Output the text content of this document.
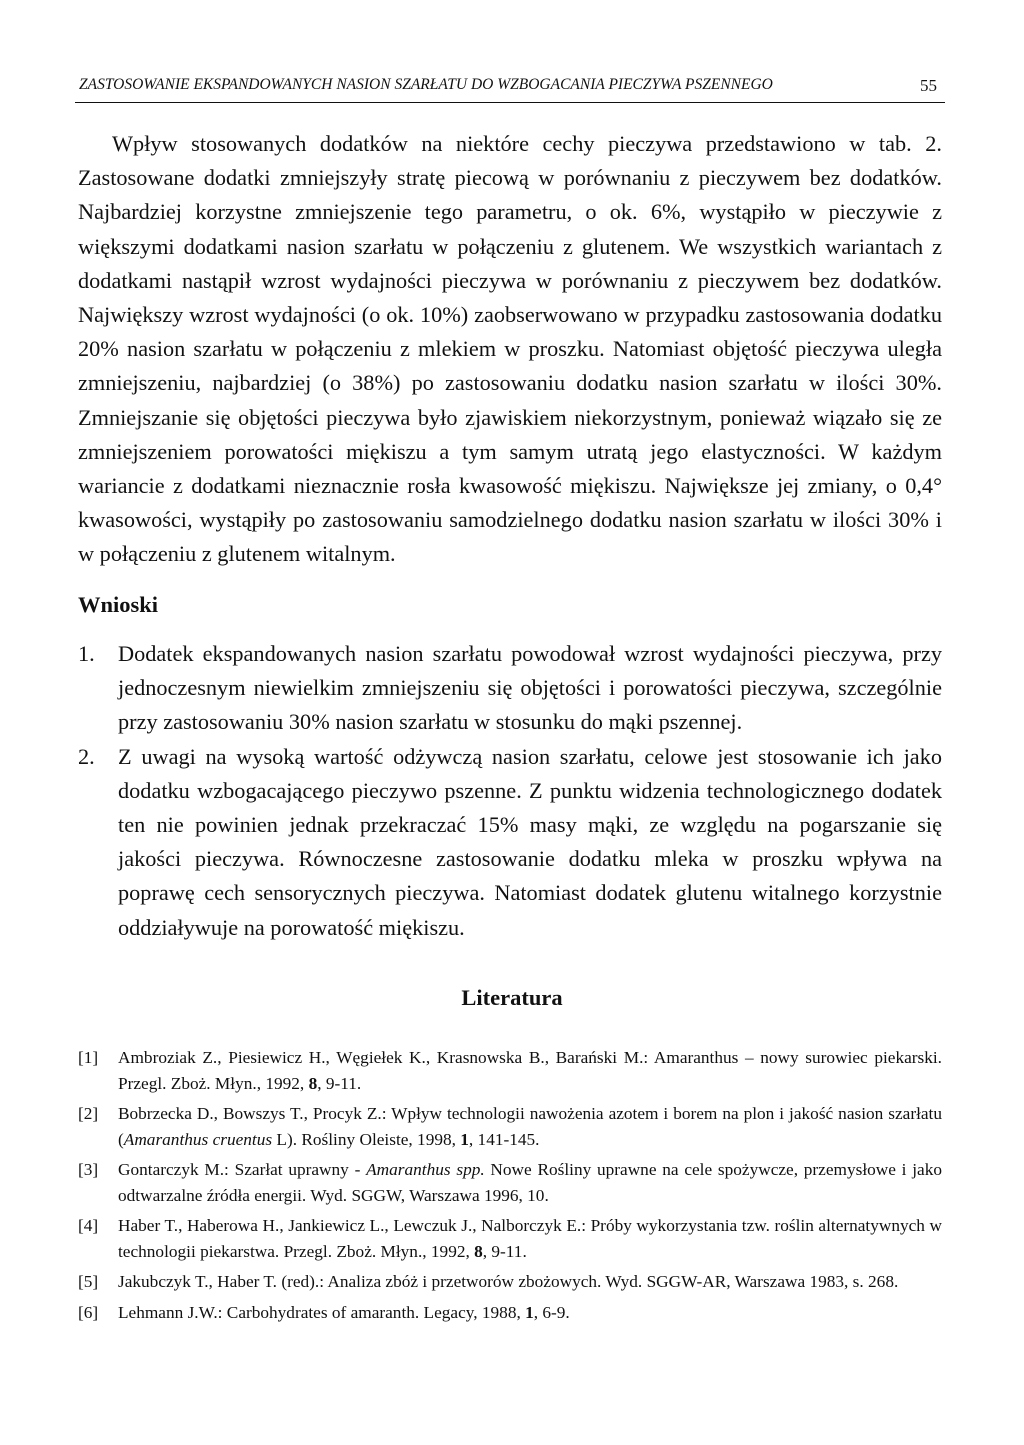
ZASTOSOWANIE EKSPANDOWANYCH NASION SZARŁATU DO WZBOGACANIA PIECZYWA PSZENNEGO	55

Wpływ stosowanych dodatków na niektóre cechy pieczywa przedstawiono w tab. 2. Zastosowane dodatki zmniejszyły stratę piecową w porównaniu z pieczywem bez dodatków. Najbardziej korzystne zmniejszenie tego parametru, o ok. 6%, wystąpiło w pieczywie z większymi dodatkami nasion szarłatu w połączeniu z glutenem. We wszystkich wariantach z dodatkami nastąpił wzrost wydajności pieczywa w porównaniu z pieczywem bez dodatków. Największy wzrost wydajności (o ok. 10%) zaobserwowano w przypadku zastosowania dodatku 20% nasion szarłatu w połączeniu z mlekiem w proszku. Natomiast objętość pieczywa uległa zmniejszeniu, najbardziej (o 38%) po zastosowaniu dodatku nasion szarłatu w ilości 30%. Zmniejszanie się objętości pieczywa było zjawiskiem niekorzystnym, ponieważ wiązało się ze zmniejszeniem porowatości miękiszu a tym samym utratą jego elastyczności. W każdym wariancie z dodatkami nieznacznie rosła kwasowość miękiszu. Największe jej zmiany, o 0,4° kwasowości, wystąpiły po zastosowaniu samodzielnego dodatku nasion szarłatu w ilości 30% i w połączeniu z glutenem witalnym.

Wnioski
1. Dodatek ekspandowanych nasion szarłatu powodował wzrost wydajności pieczywa, przy jednoczesnym niewielkim zmniejszeniu się objętości i porowatości pieczywa, szczególnie przy zastosowaniu 30% nasion szarłatu w stosunku do mąki pszennej.
2. Z uwagi na wysoką wartość odżywczą nasion szarłatu, celowe jest stosowanie ich jako dodatku wzbogacającego pieczywo pszenne. Z punktu widzenia technologicznego dodatek ten nie powinien jednak przekraczać 15% masy mąki, ze względu na pogarszanie się jakości pieczywa. Równoczesne zastosowanie dodatku mleka w proszku wpływa na poprawę cech sensorycznych pieczywa. Natomiast dodatek glutenu witalnego korzystnie oddziaływuje na porowatość miękiszu.
Literatura
[1] Ambroziak Z., Piesiewicz H., Węgiełek K., Krasnowska B., Barański M.: Amaranthus – nowy surowiec piekarski. Przegl. Zboż. Młyn., 1992, 8, 9-11.
[2] Bobrzecka D., Bowszys T., Procyk Z.: Wpływ technologii nawożenia azotem i borem na plon i jakość nasion szarłatu (Amaranthus cruentus L). Rośliny Oleiste, 1998, 1, 141-145.
[3] Gontarczyk M.: Szarłat uprawny - Amaranthus spp. Nowe Rośliny uprawne na cele spożywcze, przemysłowe i jako odtwarzalne źródła energii. Wyd. SGGW, Warszawa 1996, 10.
[4] Haber T., Haberowa H., Jankiewicz L., Lewczuk J., Nalborczyk E.: Próby wykorzystania tzw. roślin alternatywnych w technologii piekarstwa. Przegl. Zboż. Młyn., 1992, 8, 9-11.
[5] Jakubczyk T., Haber T. (red).: Analiza zbóż i przetworów zbożowych. Wyd. SGGW-AR, Warszawa 1983, s. 268.
[6] Lehmann J.W.: Carbohydrates of amaranth. Legacy, 1988, 1, 6-9.
